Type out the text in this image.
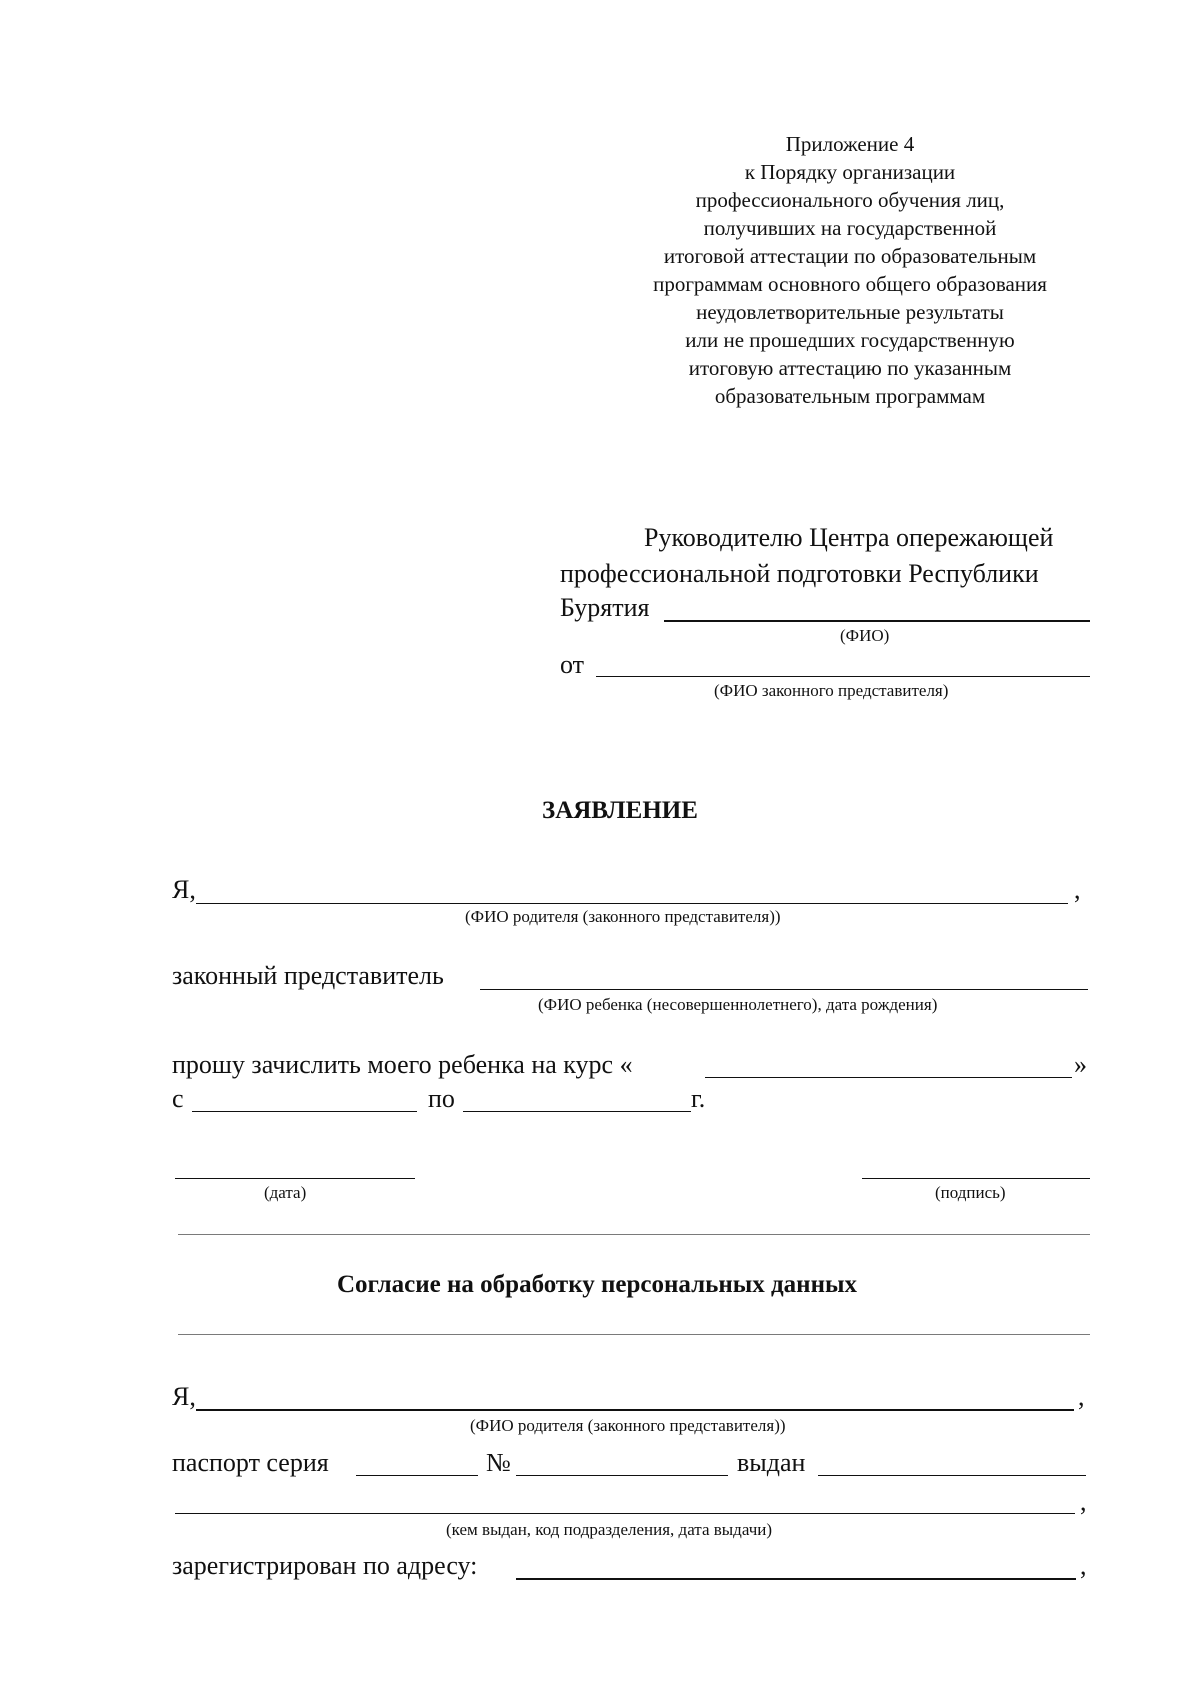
Приложение 4
к Порядку организации
профессионального обучения лиц,
получивших на государственной
итоговой аттестации по образовательным
программам основного общего образования
неудовлетворительные результаты
или не прошедших государственную
итоговую аттестацию по указанным
образовательным программам
Руководителю Центра опережающей
профессиональной подготовки Республики
Бурятия
(ФИО)
от
(ФИО законного представителя)
ЗАЯВЛЕНИЕ
Я,	,
(ФИО родителя (законного представителя))
законный представитель
(ФИО ребенка (несовершеннолетнего), дата рождения)
прошу зачислить моего ребенка на курс «	»
с	по	г.
(дата)	(подпись)
Согласие на обработку персональных данных
Я,	,
(ФИО родителя (законного представителя))
паспорт серия	№	выдан
,
(кем выдан, код подразделения, дата выдачи)
зарегистрирован по адресу:	,
